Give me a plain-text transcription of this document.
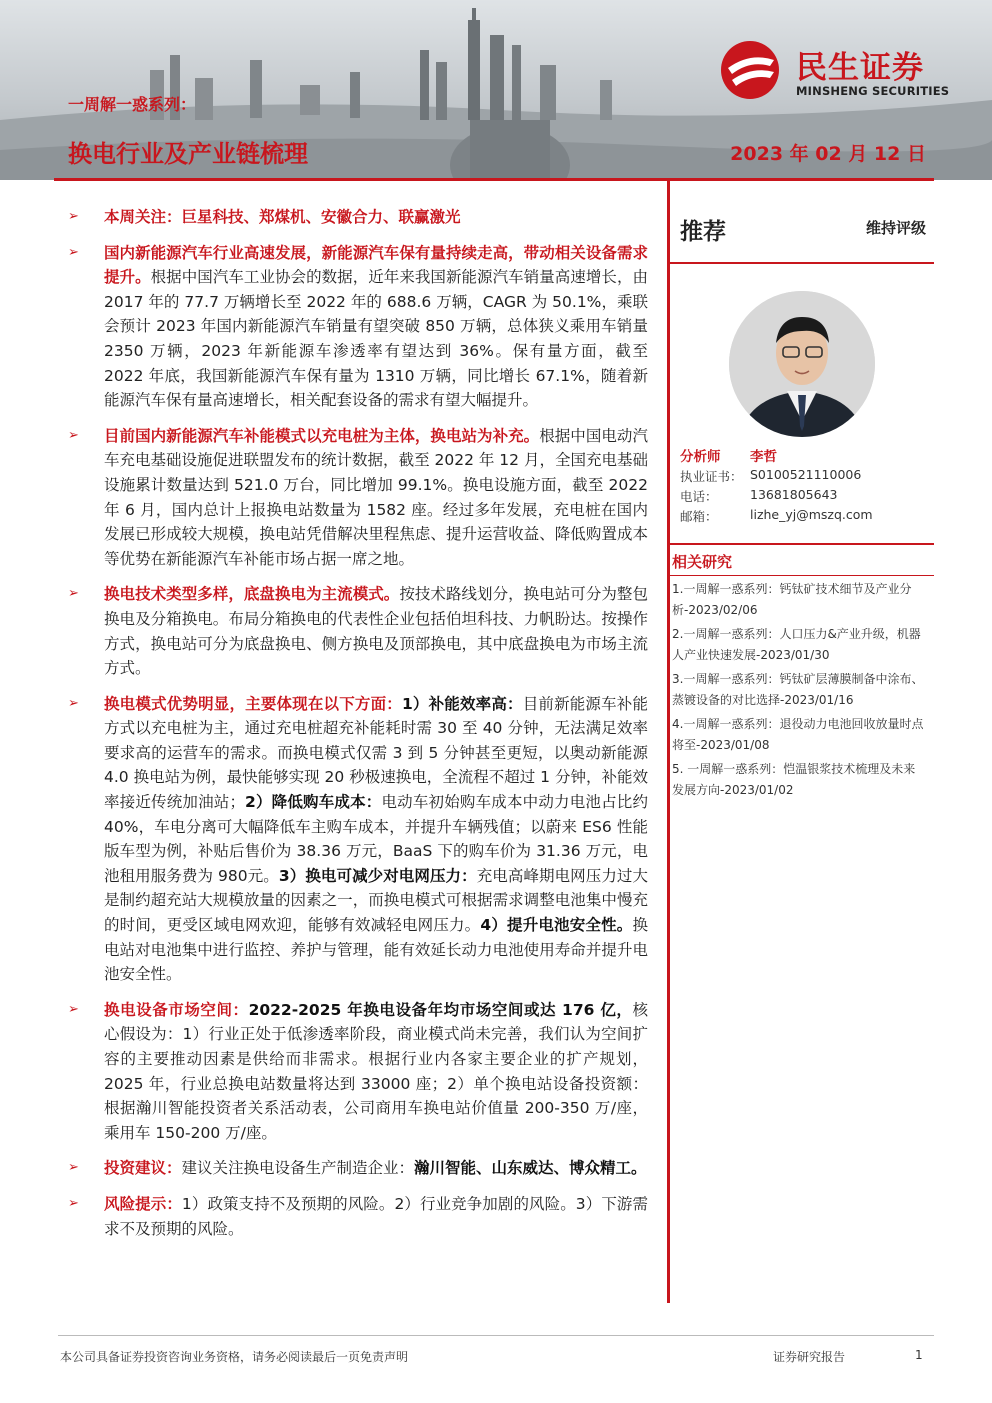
一周解一惑系列：
换电行业及产业链梳理	2023 年 02 月 12 日
民生证券
MINSHENG SECURITIES
➢	本周关注：巨星科技、郑煤机、安徽合力、联赢激光
➢	国内新能源汽车行业高速发展，新能源汽车保有量持续走高，带动相关设备需求提升。根据中国汽车工业协会的数据，近年来我国新能源汽车销量高速增长，由 2017 年的 77.7 万辆增长至 2022 年的 688.6 万辆，CAGR 为 50.1%，乘联会预计 2023 年国内新能源汽车销量有望突破 850 万辆，总体狭义乘用车销量 2350 万辆，2023 年新能源车渗透率有望达到 36%。保有量方面，截至 2022 年底，我国新能源汽车保有量为 1310 万辆，同比增长 67.1%，随着新能源汽车保有量高速增长，相关配套设备的需求有望大幅提升。
➢	目前国内新能源汽车补能模式以充电桩为主体，换电站为补充。根据中国电动汽车充电基础设施促进联盟发布的统计数据，截至 2022 年 12 月，全国充电基础设施累计数量达到 521.0 万台，同比增加 99.1%。换电设施方面，截至 2022 年 6 月，国内总计上报换电站数量为 1582 座。经过多年发展，充电桩在国内发展已形成较大规模，换电站凭借解决里程焦虑、提升运营收益、降低购置成本等优势在新能源汽车补能市场占据一席之地。
➢	换电技术类型多样，底盘换电为主流模式。按技术路线划分，换电站可分为整包换电及分箱换电。布局分箱换电的代表性企业包括伯坦科技、力帆盼达。按操作方式，换电站可分为底盘换电、侧方换电及顶部换电，其中底盘换电为市场主流方式。
➢	换电模式优势明显，主要体现在以下方面：1）补能效率高：目前新能源车补能方式以充电桩为主，通过充电桩超充补能耗时需 30 至 40 分钟，无法满足效率要求高的运营车的需求。而换电模式仅需 3 到 5 分钟甚至更短，以奥动新能源 4.0 换电站为例，最快能够实现 20 秒极速换电，全流程不超过 1 分钟，补能效率接近传统加油站；2）降低购车成本：电动车初始购车成本中动力电池占比约 40%，车电分离可大幅降低车主购车成本，并提升车辆残值；以蔚来 ES6 性能版车型为例，补贴后售价为 38.36 万元，BaaS 下的购车价为 31.36 万元，电池租用服务费为 980元。3）换电可减少对电网压力：充电高峰期电网压力过大是制约超充站大规模放量的因素之一，而换电模式可根据需求调整电池集中慢充的时间，更受区域电网欢迎，能够有效减轻电网压力。4）提升电池安全性。换电站对电池集中进行监控、养护与管理，能有效延长动力电池使用寿命并提升电池安全性。
➢	换电设备市场空间：2022-2025 年换电设备年均市场空间或达 176 亿，核心假设为：1）行业正处于低渗透率阶段，商业模式尚未完善，我们认为空间扩容的主要推动因素是供给而非需求。根据行业内各家主要企业的扩产规划，2025 年，行业总换电站数量将达到 33000 座；2）单个换电站设备投资额：根据瀚川智能投资者关系活动表，公司商用车换电站价值量 200-350 万/座，乘用车 150-200 万/座。
➢	投资建议：建议关注换电设备生产制造企业：瀚川智能、山东威达、博众精工。
➢	风险提示：1）政策支持不及预期的风险。2）行业竞争加剧的风险。3）下游需求不及预期的风险。
推荐	维持评级
分析师 李哲
执业证书： S0100521110006
电话：	13681805643
邮箱：	lizhe_yj@mszq.com
相关研究
1.一周解一惑系列：钙钛矿技术细节及产业分析-2023/02/06
2.一周解一惑系列：人口压力&产业升级，机器人产业快速发展-2023/01/30
3.一周解一惑系列：钙钛矿层薄膜制备中涂布、蒸镀设备的对比选择-2023/01/16
4.一周解一惑系列：退役动力电池回收放量时点将至-2023/01/08
5. 一周解一惑系列：恺温银浆技术梳理及未来发展方向-2023/01/02
本公司具备证券投资咨询业务资格，请务必阅读最后一页免责声明	证券研究报告	1
